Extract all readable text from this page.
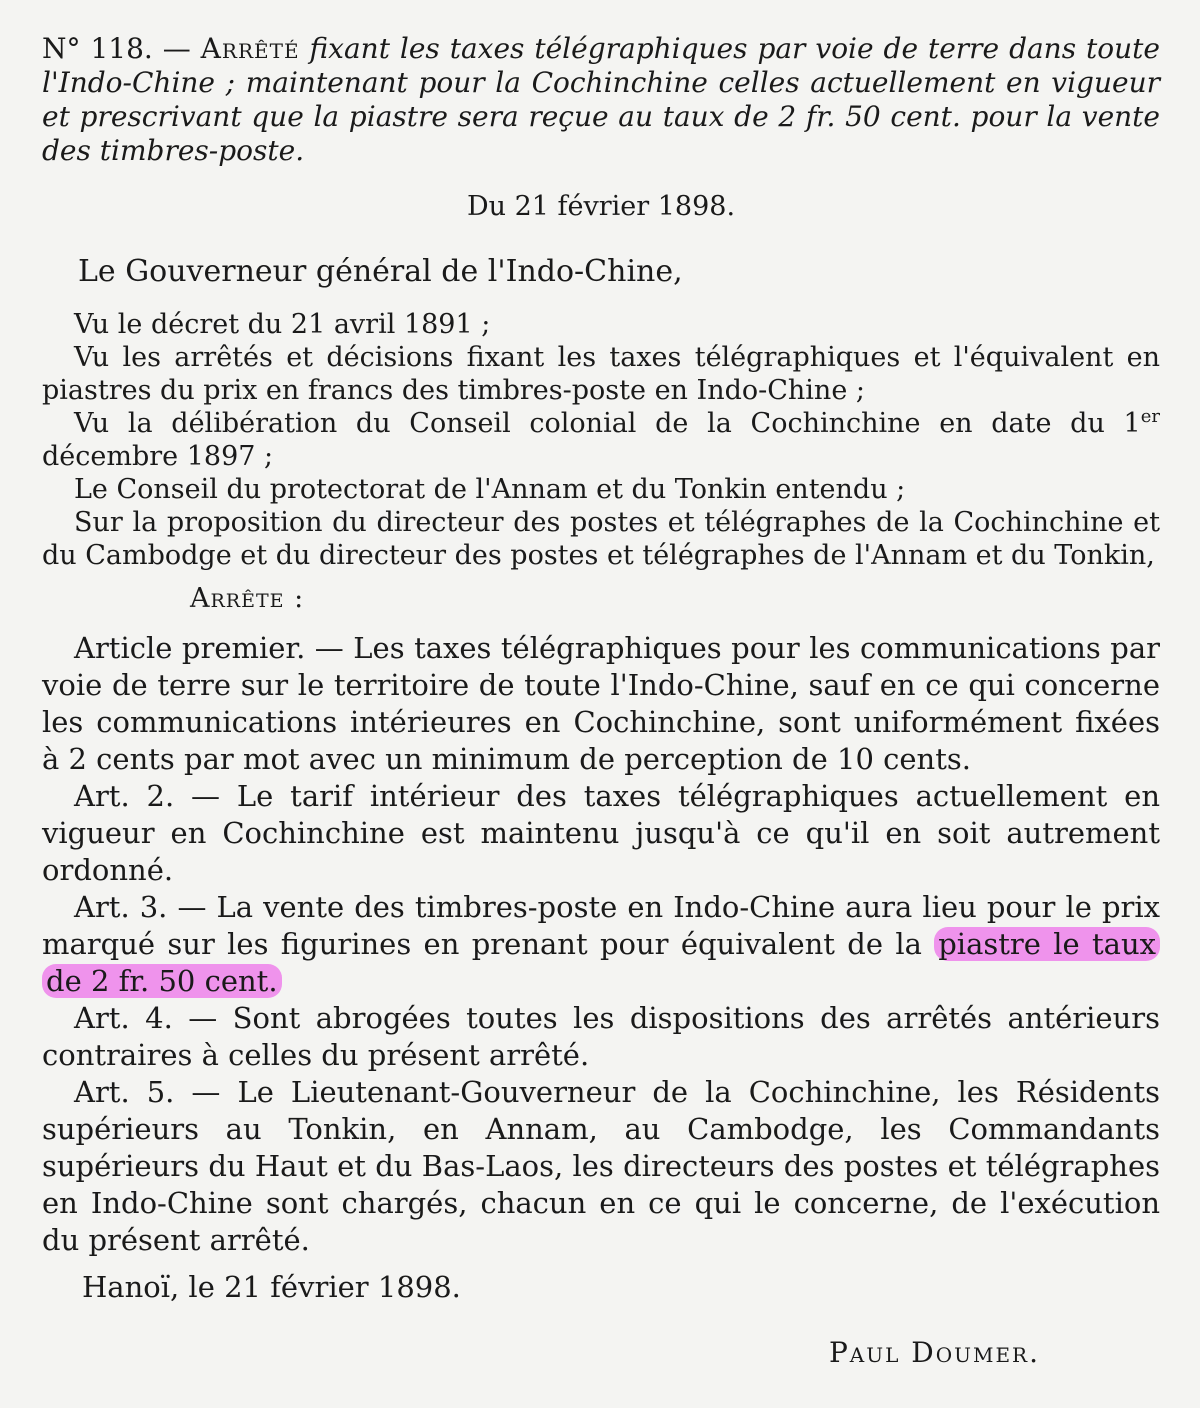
N° 118. — Arrêté fixant les taxes télégraphiques par voie de terre dans toute l'Indo-Chine ; maintenant pour la Cochinchine celles actuellement en vigueur et prescrivant que la piastre sera reçue au taux de 2 fr. 50 cent. pour la vente des timbres-poste.

Du 21 février 1898.

Le Gouverneur général de l'Indo-Chine,

Vu le décret du 21 avril 1891 ;

Vu les arrêtés et décisions fixant les taxes télégraphiques et l'équivalent en piastres du prix en francs des timbres-poste en Indo-Chine ;

Vu la délibération du Conseil colonial de la Cochinchine en date du 1er décembre 1897 ;

Le Conseil du protectorat de l'Annam et du Tonkin entendu ;

Sur la proposition du directeur des postes et télégraphes de la Cochinchine et du Cambodge et du directeur des postes et télégraphes de l'Annam et du Tonkin,

Arrête :

Article premier. — Les taxes télégraphiques pour les communications par voie de terre sur le territoire de toute l'Indo-Chine, sauf en ce qui concerne les communications intérieures en Cochinchine, sont uniformément fixées à 2 cents par mot avec un minimum de perception de 10 cents.

Art. 2. — Le tarif intérieur des taxes télégraphiques actuellement en vigueur en Cochinchine est maintenu jusqu'à ce qu'il en soit autrement ordonné.

Art. 3. — La vente des timbres-poste en Indo-Chine aura lieu pour le prix marqué sur les figurines en prenant pour équivalent de la piastre le taux de 2 fr. 50 cent.

Art. 4. — Sont abrogées toutes les dispositions des arrêtés antérieurs contraires à celles du présent arrêté.

Art. 5. — Le Lieutenant-Gouverneur de la Cochinchine, les Résidents supérieurs au Tonkin, en Annam, au Cambodge, les Commandants supérieurs du Haut et du Bas-Laos, les directeurs des postes et télégraphes en Indo-Chine sont chargés, chacun en ce qui le concerne, de l'exécution du présent arrêté.

Hanoï, le 21 février 1898.

Paul Doumer.
